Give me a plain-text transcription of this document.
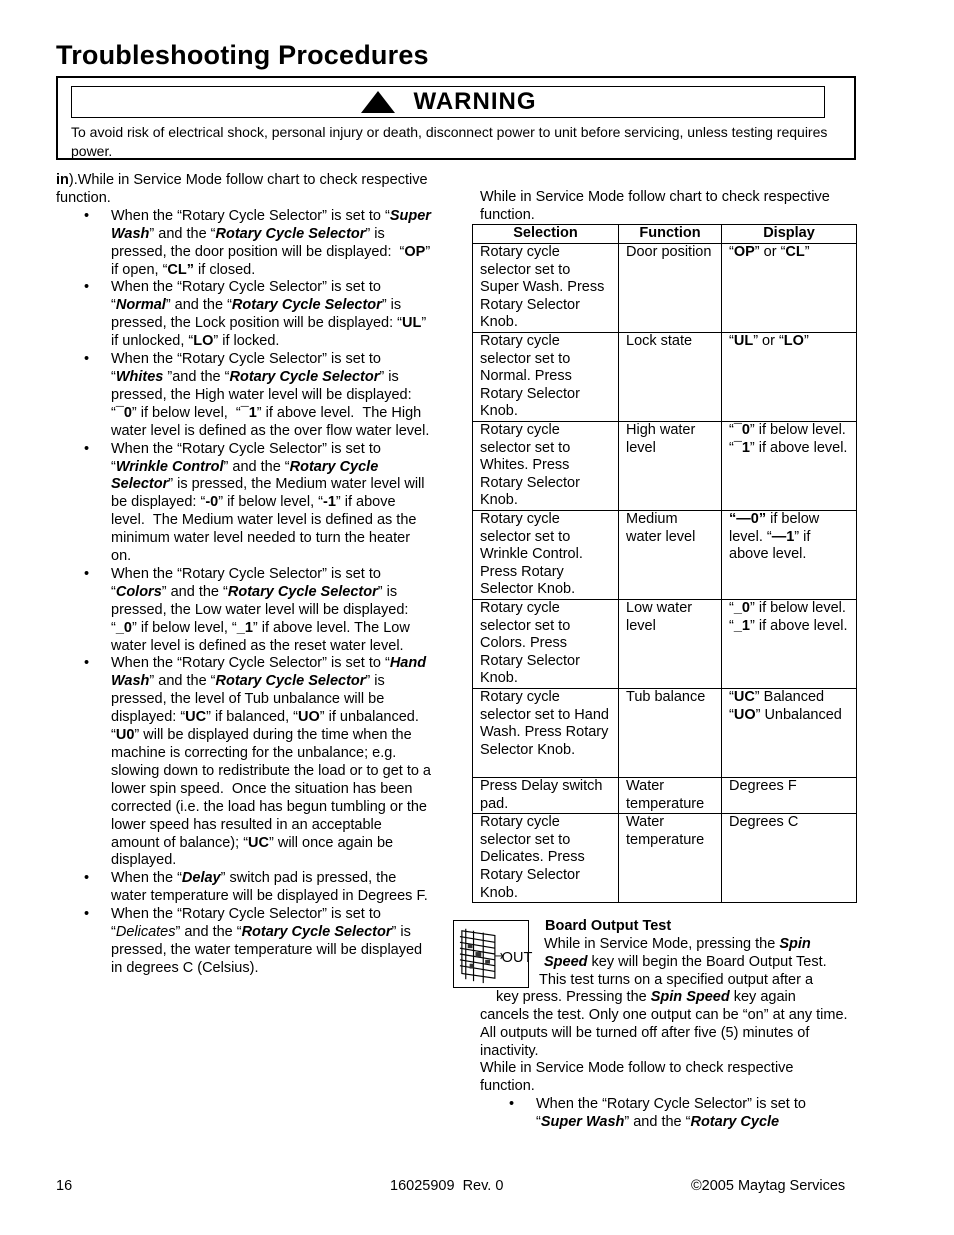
Troubleshooting Procedures
WARNING
To avoid risk of electrical shock, personal injury or death, disconnect power to unit before servicing, unless testing requires power.

in).While in Service Mode follow chart to check respective function.

• When the “Rotary Cycle Selector” is set to “Super Wash” and the “Rotary Cycle Selector” is pressed, the door position will be displayed:  “OP” if open, “CL” if closed.
• When the “Rotary Cycle Selector” is set to “Normal” and the “Rotary Cycle Selector” is pressed, the Lock position will be displayed: “UL” if unlocked, “LO” if locked.
• When the “Rotary Cycle Selector” is set to “Whites ”and the “Rotary Cycle Selector” is pressed, the High water level will be displayed: “¯0” if below level,  “¯1” if above level.  The High water level is defined as the over flow water level.
• When the “Rotary Cycle Selector” is set to “Wrinkle Control” and the “Rotary Cycle Selector” is pressed, the Medium water level will be displayed: “-0” if below level, “-1” if above level.  The Medium water level is defined as the minimum water level needed to turn the heater on.
• When the “Rotary Cycle Selector” is set to “Colors” and the “Rotary Cycle Selector” is pressed, the Low water level will be displayed: “_0” if below level, “_1” if above level. The Low water level is defined as the reset water level.
• When the “Rotary Cycle Selector” is set to “Hand Wash” and the “Rotary Cycle Selector” is pressed, the level of Tub unbalance will be displayed: “UC” if balanced, “UO” if unbalanced. “U0” will be displayed during the time when the machine is correcting for the unbalance; e.g. slowing down to redistribute the load or to get to a lower spin speed.  Once the situation has been corrected (i.e. the load has begun tumbling or the lower speed has resulted in an acceptable amount of balance); “UC” will once again be displayed.
• When the “Delay” switch pad is pressed, the water temperature will be displayed in Degrees F.
• When the “Rotary Cycle Selector” is set to “Delicates” and the “Rotary Cycle Selector” is pressed, the water temperature will be displayed in degrees C (Celsius).
While in Service Mode follow chart to check respective function.
Selection	Function	Display
Rotary cycle selector set to Super Wash. Press Rotary Selector Knob.	Door position	“OP” or “CL”
Rotary cycle selector set to Normal. Press Rotary Selector Knob.	Lock state	“UL” or “LO”
Rotary cycle selector set to Whites. Press Rotary Selector Knob.	High water level	“¯0” if below level. “¯1” if above level.
Rotary cycle selector set to Wrinkle Control. Press Rotary Selector Knob.	Medium water level	“—0” if below level. “—1” if above level.
Rotary cycle selector set to Colors. Press Rotary Selector Knob.	Low water level	“_0” if below level. “_1” if above level.
Rotary cycle selector set to Hand Wash. Press Rotary Selector Knob.	Tub balance	“UC” Balanced “UO” Unbalanced
Press Delay switch pad.	Water temperature	Degrees F
Rotary cycle selector set to Delicates. Press Rotary Selector Knob.	Water temperature	Degrees C
OUT
Board Output Test
While in Service Mode, pressing the Spin
Speed key will begin the Board Output Test.
This test turns on a specified output after a
key press. Pressing the Spin Speed key again
cancels the test. Only one output can be “on” at any time. All outputs will be turned off after five (5) minutes of inactivity.
While in Service Mode follow to check respective function.
• When the “Rotary Cycle Selector” is set to “Super Wash” and the “Rotary Cycle
16	16025909  Rev. 0	©2005 Maytag Services
